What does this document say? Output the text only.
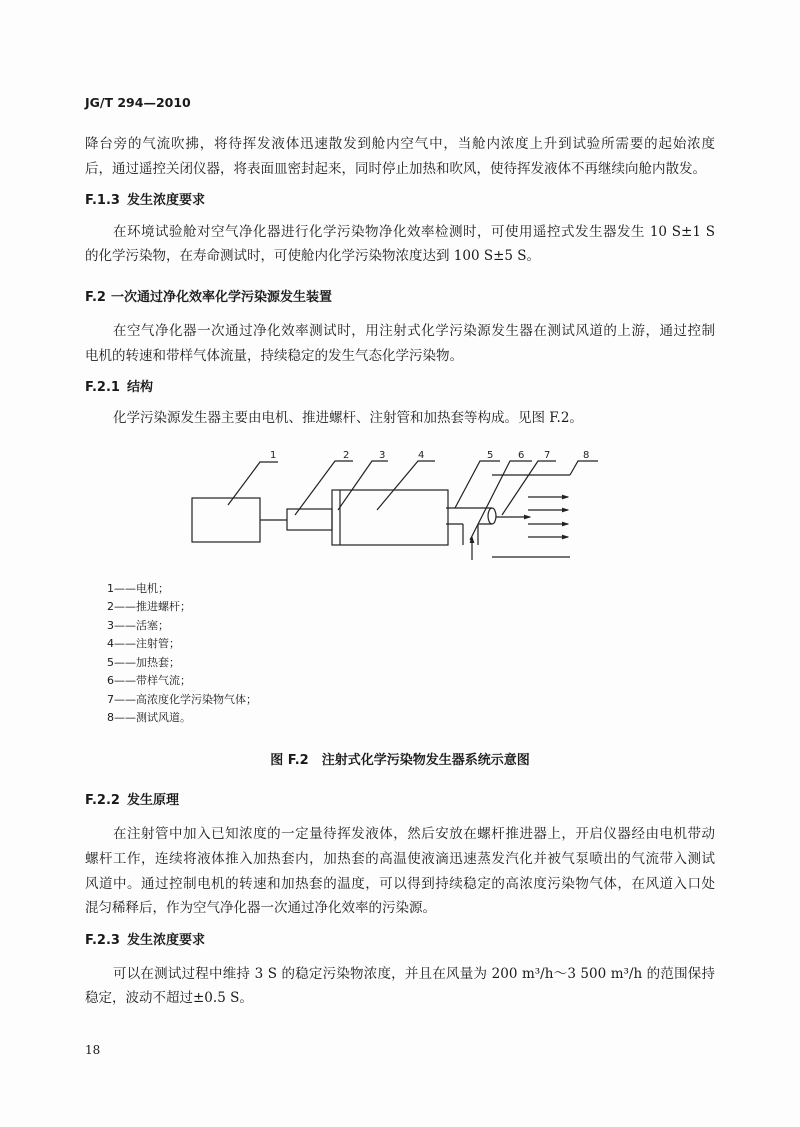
JG/T 294—2010
降台旁的气流吹拂，将待挥发液体迅速散发到舱内空气中，当舱内浓度上升到试验所需要的起始浓度
后，通过遥控关闭仪器，将表面皿密封起来，同时停止加热和吹风，使待挥发液体不再继续向舱内散发。
F.1.3 发生浓度要求
在环境试验舱对空气净化器进行化学污染物净化效率检测时，可使用遥控式发生器发生 10 S±1 S
的化学污染物，在寿命测试时，可使舱内化学污染物浓度达到 100 S±5 S。
F.2 一次通过净化效率化学污染源发生装置
在空气净化器一次通过净化效率测试时，用注射式化学污染源发生器在测试风道的上游，通过控制
电机的转速和带样气体流量，持续稳定的发生气态化学污染物。
F.2.1 结构
化学污染源发生器主要由电机、推进螺杆、注射管和加热套等构成。见图 F.2。
1	2	3	4	5 6 7	8
1——电机；
2——推进螺杆；
3——活塞；
4——注射管；
5——加热套；
6——带样气流；
7——高浓度化学污染物气体；
8——测试风道。
图 F.2　注射式化学污染物发生器系统示意图
F.2.2 发生原理
在注射管中加入已知浓度的一定量待挥发液体，然后安放在螺杆推进器上，开启仪器经由电机带动
螺杆工作，连续将液体推入加热套内，加热套的高温使液滴迅速蒸发汽化并被气泵喷出的气流带入测试
风道中。通过控制电机的转速和加热套的温度，可以得到持续稳定的高浓度污染物气体，在风道入口处
混匀稀释后，作为空气净化器一次通过净化效率的污染源。
F.2.3 发生浓度要求
可以在测试过程中维持 3 S 的稳定污染物浓度，并且在风量为 200 m³/h～3 500 m³/h 的范围保持
稳定，波动不超过±0.5 S。
18
